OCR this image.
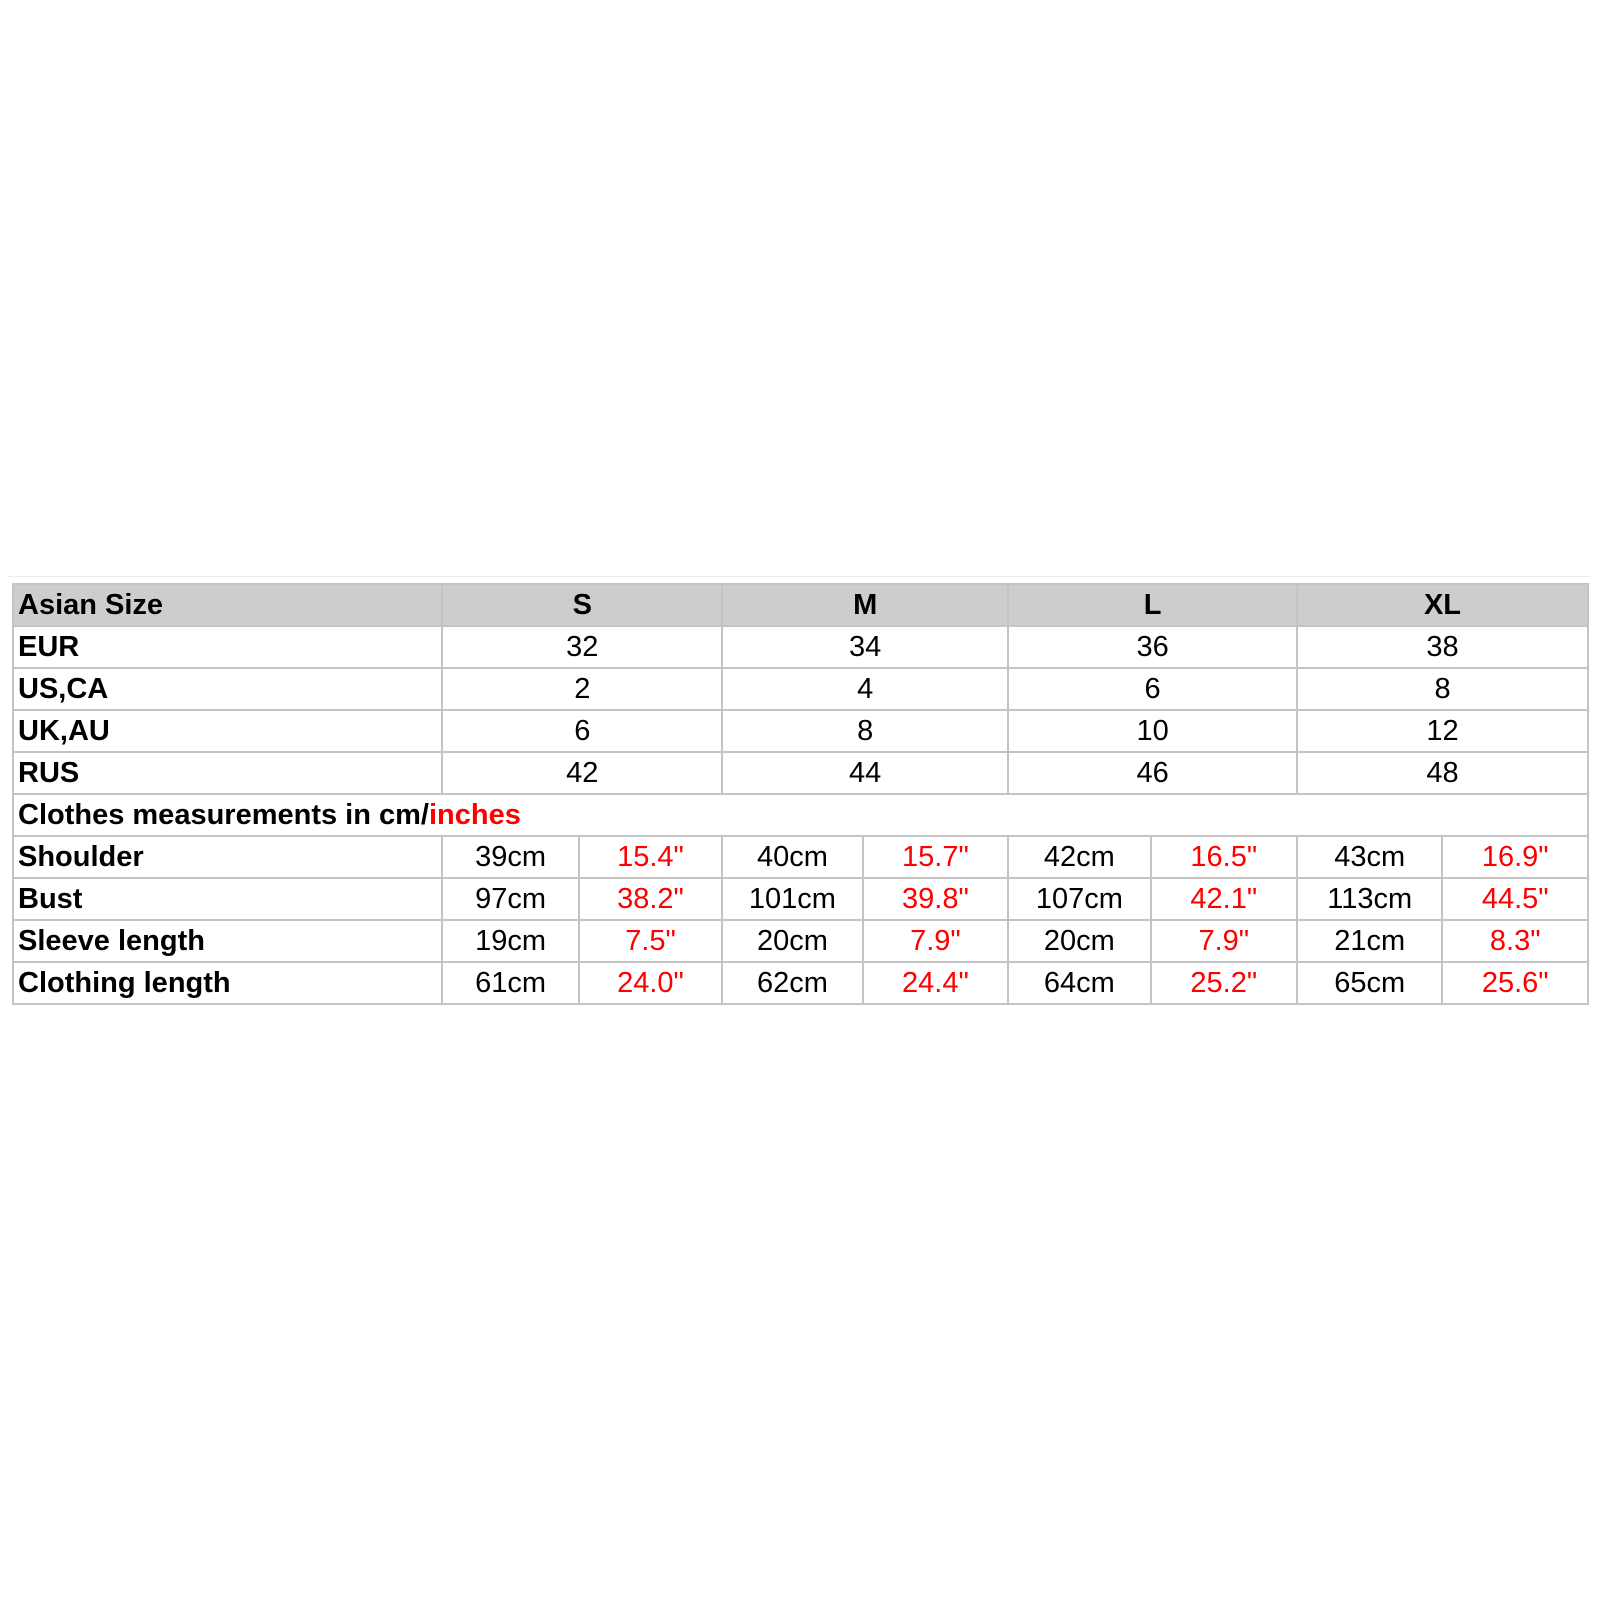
Asian Size	S		M		L		XL	
EUR	32		34		36		38	
US,CA	2		4		6		8	
UK,AU	6		8		10		12	
RUS	42		44		46		48	
Clothes measurements in cm/inches								
Shoulder	39cm	15.4"	40cm	15.7"	42cm	16.5"	43cm	16.9"
Bust	97cm	38.2"	101cm	39.8"	107cm	42.1"	113cm	44.5"
Sleeve length	19cm	7.5"	20cm	7.9"	20cm	7.9"	21cm	8.3"
Clothing length	61cm	24.0"	62cm	24.4"	64cm	25.2"	65cm	25.6"
